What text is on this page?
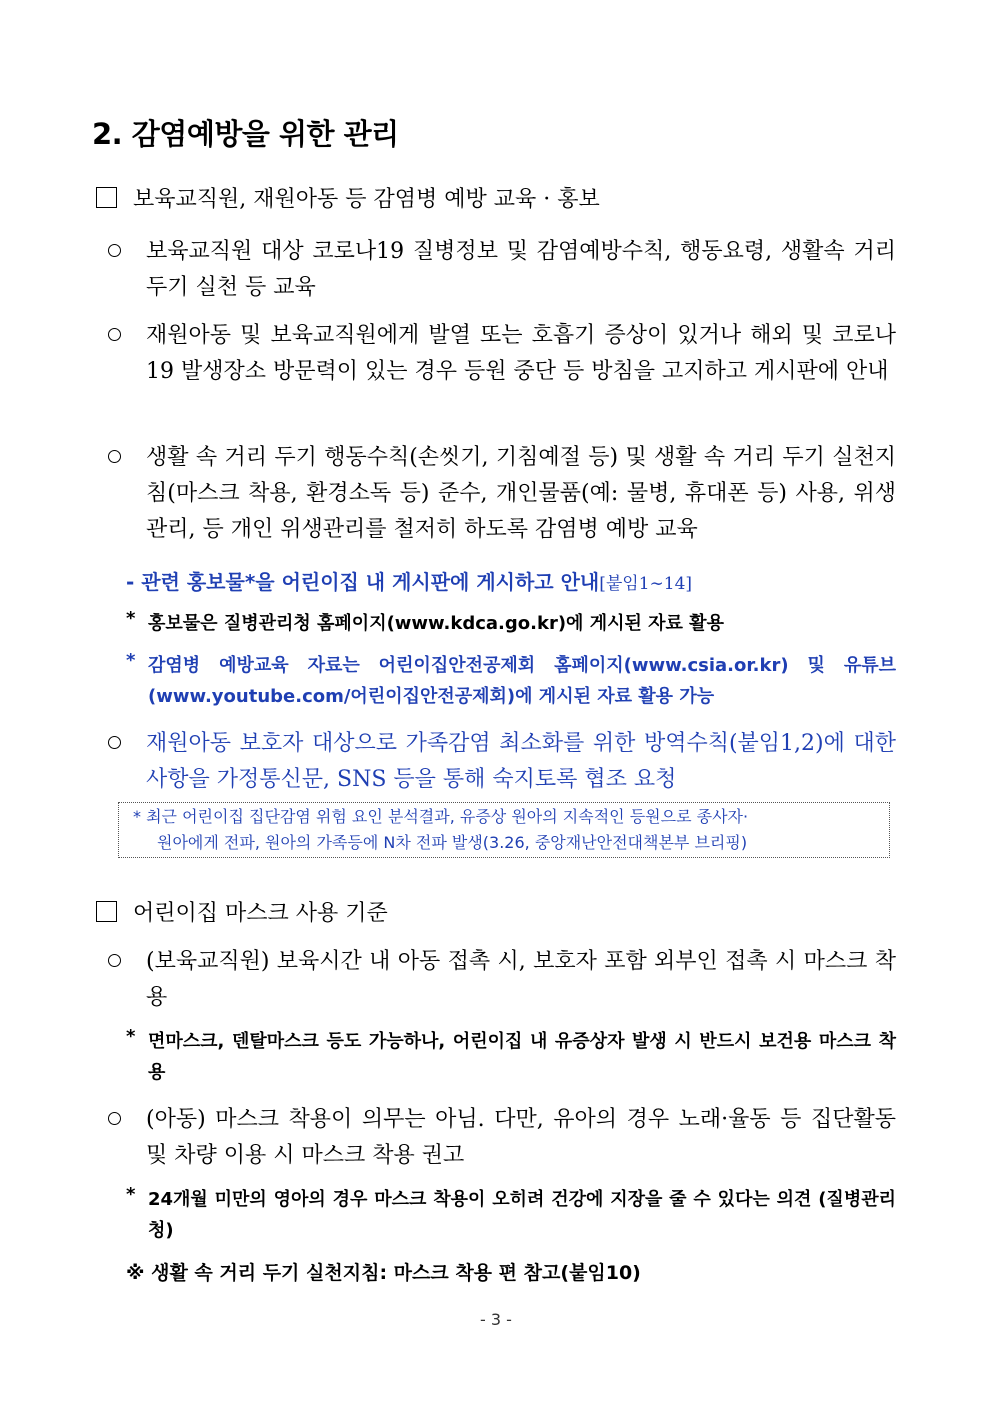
2. 감염예방을 위한 관리
보육교직원, 재원아동 등 감염병 예방 교육 · 홍보
보육교직원 대상 코로나19 질병정보 및 감염예방수칙, 행동요령, 생활속 거리 두기 실천 등 교육
재원아동 및 보육교직원에게 발열 또는 호흡기 증상이 있거나 해외 및 코로나19 발생장소 방문력이 있는 경우 등원 중단 등 방침을 고지하고 게시판에 안내
생활 속 거리 두기 행동수칙(손씻기, 기침예절 등) 및 생활 속 거리 두기 실천지침(마스크 착용, 환경소독 등) 준수, 개인물품(예: 물병, 휴대폰 등) 사용, 위생관리, 등 개인 위생관리를 철저히 하도록 감염병 예방 교육
- 관련 홍보물*을 어린이집 내 게시판에 게시하고 안내[붙임1∼14]
* 홍보물은 질병관리청 홈페이지(www.kdca.go.kr)에 게시된 자료 활용
* 감염병 예방교육 자료는 어린이집안전공제회 홈페이지(www.csia.or.kr) 및 유튜브(www.youtube.com/어린이집안전공제회)에 게시된 자료 활용 가능
재원아동 보호자 대상으로 가족감염 최소화를 위한 방역수칙(붙임1,2)에 대한 사항을 가정통신문, SNS 등을 통해 숙지토록 협조 요청
* 최근 어린이집 집단감염 위험 요인 분석결과, 유증상 원아의 지속적인 등원으로 종사자·
원아에게 전파, 원아의 가족등에 N차 전파 발생(3.26, 중앙재난안전대책본부 브리핑)
어린이집 마스크 사용 기준
(보육교직원) 보육시간 내 아동 접촉 시, 보호자 포함 외부인 접촉 시 마스크 착용
* 면마스크, 덴탈마스크 등도 가능하나, 어린이집 내 유증상자 발생 시 반드시 보건용 마스크 착용
(아동) 마스크 착용이 의무는 아님. 다만, 유아의 경우 노래·율동 등 집단활동 및 차량 이용 시 마스크 착용 권고
* 24개월 미만의 영아의 경우 마스크 착용이 오히려 건강에 지장을 줄 수 있다는 의견 (질병관리청)
※ 생활 속 거리 두기 실천지침: 마스크 착용 편 참고(붙임10)
- 3 -
